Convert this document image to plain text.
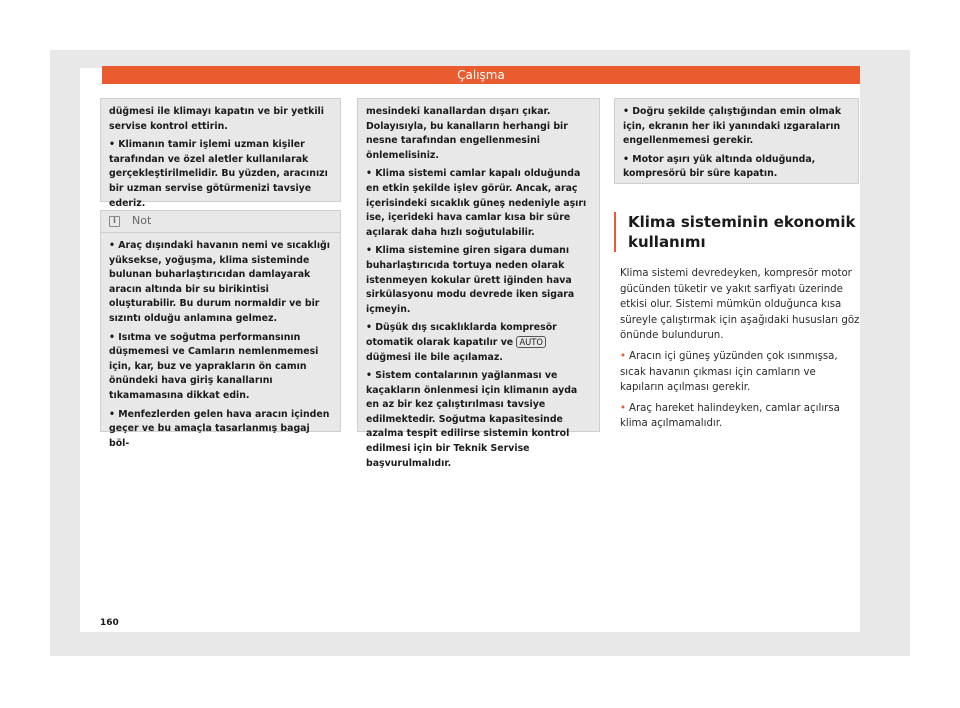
Çalışma

düğmesi ile klimayı kapatın ve bir yetkili servise kontrol ettirin.

• Klimanın tamir işlemi uzman kişiler tarafından ve özel aletler kullanılarak gerçekleştirilmelidir. Bu yüzden, aracınızı bir uzman servise götürmenizi tavsiye ederiz.

i	Not

• Araç dışındaki havanın nemi ve sıcaklığı yüksekse, yoğuşma, klima sisteminde bulunan buharlaştırıcıdan damlayarak aracın altında bir su birikintisi oluşturabilir. Bu durum normaldir ve bir sızıntı olduğu anlamına gelmez.

• Isıtma ve soğutma performansının düşmemesi ve Camların nemlenmemesi için, kar, buz ve yaprakların ön camın önündeki hava giriş kanallarını tıkamamasına dikkat edin.

• Menfezlerden gelen hava aracın içinden geçer ve bu amaçla tasarlanmış bagaj böl-

mesindeki kanallardan dışarı çıkar. Dolayısıyla, bu kanalların herhangi bir nesne tarafından engellenmesini önlemelisiniz.

• Klima sistemi camlar kapalı olduğunda en etkin şekilde işlev görür. Ancak, araç içerisindeki sıcaklık güneş nedeniyle aşırı ise, içerideki hava camlar kısa bir süre açılarak daha hızlı soğutulabilir.

• Klima sistemine giren sigara dumanı buharlaştırıcıda tortuya neden olarak istenmeyen kokular ürett iğinden hava sirkülasyonu modu devrede iken sigara içmeyin.

• Düşük dış sıcaklıklarda kompresör otomatik olarak kapatılır ve AUTO düğmesi ile bile açılamaz.

• Sistem contalarının yağlanması ve kaçakların önlenmesi için klimanın ayda en az bir kez çalıştırılması tavsiye edilmektedir. Soğutma kapasitesinde azalma tespit edilirse sistemin kontrol edilmesi için bir Teknik Servise başvurulmalıdır.

• Doğru şekilde çalıştığından emin olmak için, ekranın her iki yanındaki ızgaraların engellenmemesi gerekir.

• Motor aşırı yük altında olduğunda, kompresörü bir süre kapatın.

Klima sisteminin ekonomik kullanımı

Klima sistemi devredeyken, kompresör motor gücünden tüketir ve yakıt sarfiyatı üzerinde etkisi olur. Sistemi mümkün olduğunca kısa süreyle çalıştırmak için aşağıdaki hususları göz önünde bulundurun.

• Aracın içi güneş yüzünden çok ısınmışsa, sıcak havanın çıkması için camların ve kapıların açılması gerekir.

• Araç hareket halindeyken, camlar açılırsa klima açılmamalıdır.

160
